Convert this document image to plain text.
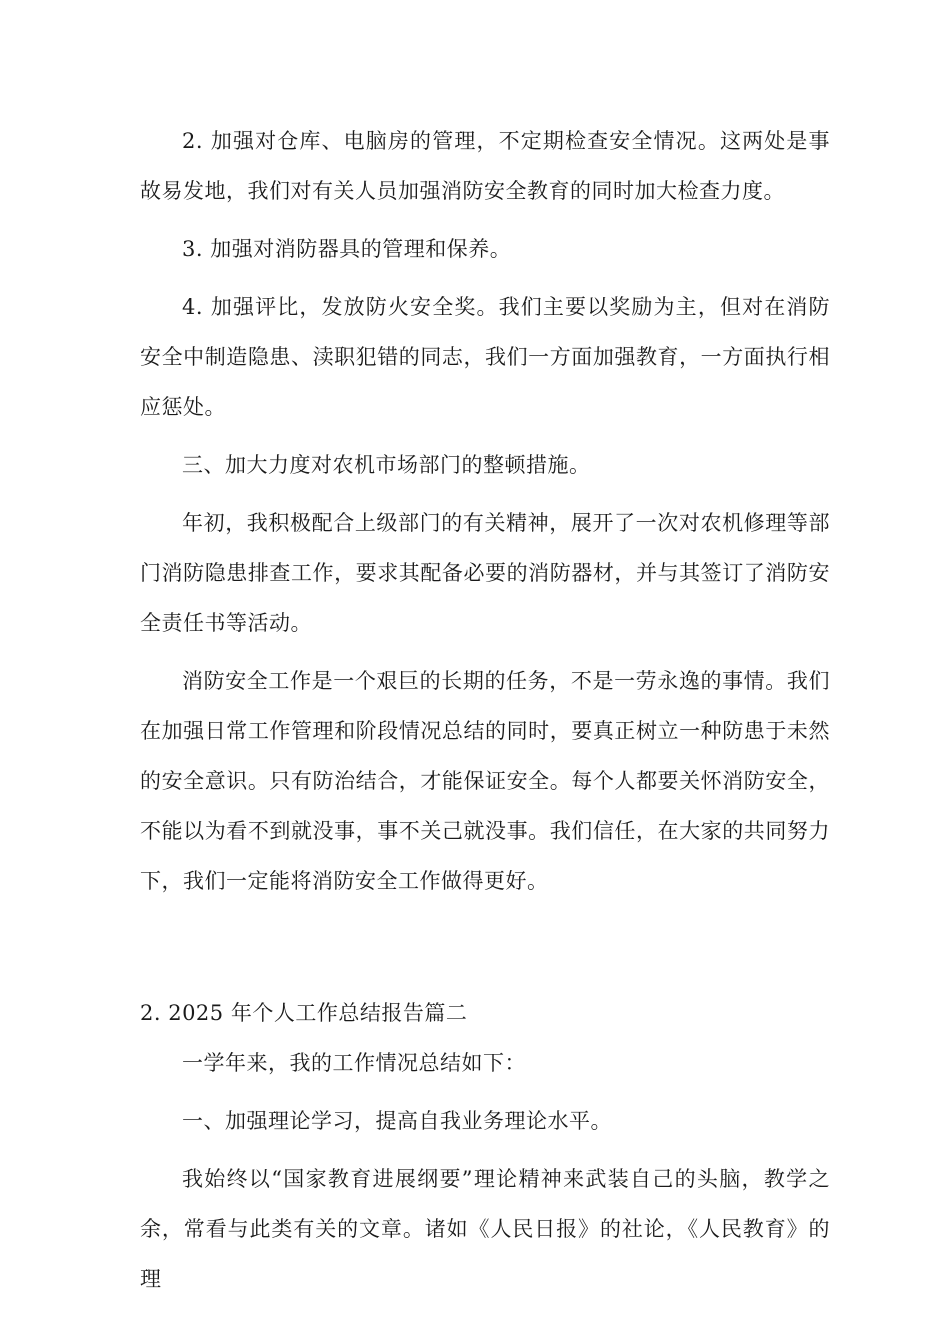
2. 加强对仓库、电脑房的管理，不定期检查安全情况。这两处是事故易发地，我们对有关人员加强消防安全教育的同时加大检查力度。

3. 加强对消防器具的管理和保养。

4. 加强评比，发放防火安全奖。我们主要以奖励为主，但对在消防安全中制造隐患、渎职犯错的同志，我们一方面加强教育，一方面执行相应惩处。

三、加大力度对农机市场部门的整顿措施。

年初，我积极配合上级部门的有关精神，展开了一次对农机修理等部门消防隐患排查工作，要求其配备必要的消防器材，并与其签订了消防安全责任书等活动。

消防安全工作是一个艰巨的长期的任务，不是一劳永逸的事情。我们在加强日常工作管理和阶段情况总结的同时，要真正树立一种防患于未然的安全意识。只有防治结合，才能保证安全。每个人都要关怀消防安全，不能以为看不到就没事，事不关己就没事。我们信任，在大家的共同努力下，我们一定能将消防安全工作做得更好。

2. 2025 年个人工作总结报告篇二

一学年来，我的工作情况总结如下：

一、加强理论学习，提高自我业务理论水平。

我始终以“国家教育进展纲要”理论精神来武装自己的头脑，教学之余，常看与此类有关的文章。诸如《人民日报》的社论，《人民教育》的理
